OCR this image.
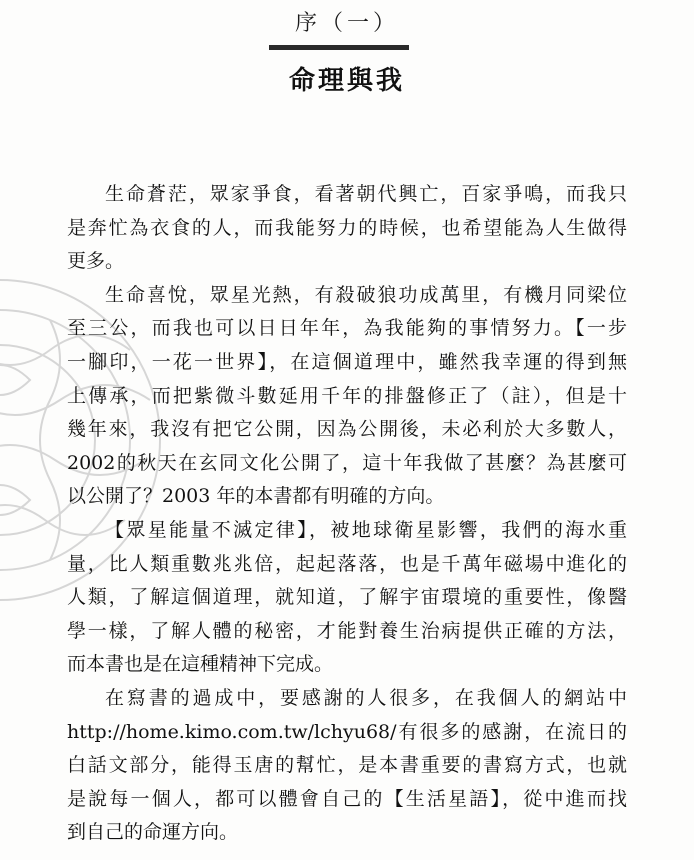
序（一）
命理與我
生命蒼茫，眾家爭食，看著朝代興亡，百家爭鳴，而我只
是奔忙為衣食的人，而我能努力的時候，也希望能為人生做得
更多。
生命喜悅，眾星光熱，有殺破狼功成萬里，有機月同梁位
至三公，而我也可以日日年年，為我能夠的事情努力。【一步
一腳印，一花一世界】，在這個道理中，雖然我幸運的得到無
上傳承，而把紫微斗數延用千年的排盤修正了（註），但是十
幾年來，我沒有把它公開，因為公開後，未必利於大多數人，
2002的秋天在玄同文化公開了，這十年我做了甚麼？為甚麼可
以公開了？2003 年的本書都有明確的方向。
【眾星能量不滅定律】，被地球衛星影響，我們的海水重
量，比人類重數兆兆倍，起起落落，也是千萬年磁場中進化的
人類，了解這個道理，就知道，了解宇宙環境的重要性，像醫
學一樣，了解人體的秘密，才能對養生治病提供正確的方法，
而本書也是在這種精神下完成。
在寫書的過成中，要感謝的人很多，在我個人的網站中
http://home.kimo.com.tw/lchyu68/有很多的感謝，在流日的
白話文部分，能得玉唐的幫忙，是本書重要的書寫方式，也就
是說每一個人，都可以體會自己的【生活星語】，從中進而找
到自己的命運方向。
